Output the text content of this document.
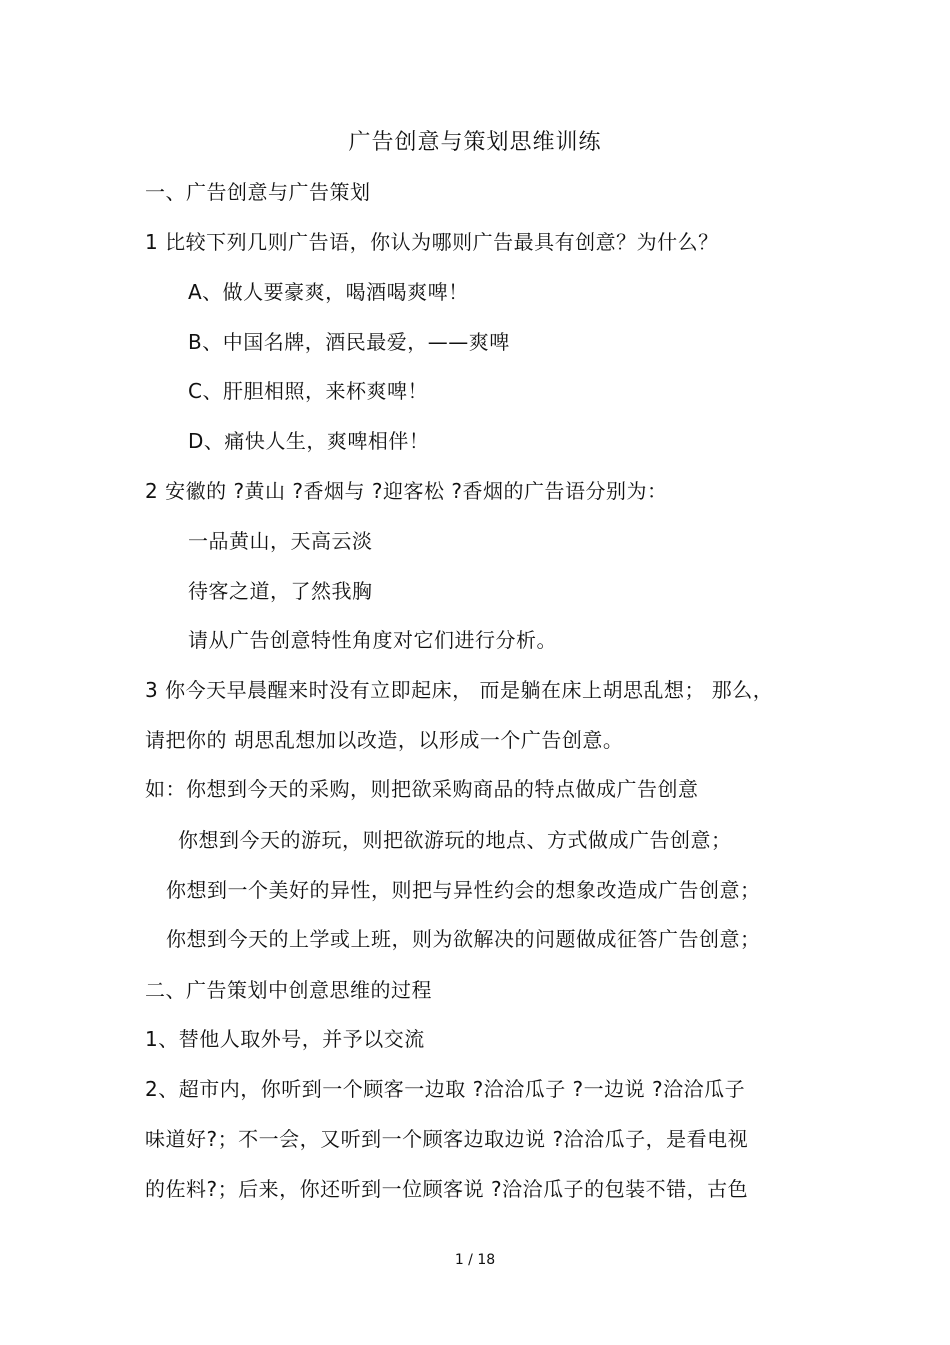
广告创意与策划思维训练
一、广告创意与广告策划
1 比较下列几则广告语，你认为哪则广告最具有创意？为什么？
A、做人要豪爽，喝酒喝爽啤！
B、中国名牌，酒民最爱，——爽啤
C、肝胆相照，来杯爽啤！
D、痛快人生，爽啤相伴！
2 安徽的 ?黄山 ?香烟与 ?迎客松 ?香烟的广告语分别为：
一品黄山，天高云淡
待客之道，了然我胸
请从广告创意特性角度对它们进行分析。
3 你今天早晨醒来时没有立即起床， 而是躺在床上胡思乱想； 那么，
请把你的 胡思乱想加以改造，以形成一个广告创意。
如：你想到今天的采购，则把欲采购商品的特点做成广告创意
你想到今天的游玩，则把欲游玩的地点、方式做成广告创意；
你想到一个美好的异性，则把与异性约会的想象改造成广告创意；
你想到今天的上学或上班，则为欲解决的问题做成征答广告创意；
二、广告策划中创意思维的过程
1、替他人取外号，并予以交流
2、超市内，你听到一个顾客一边取 ?洽洽瓜子 ?一边说 ?洽洽瓜子
味道好?；不一会，又听到一个顾客边取边说 ?洽洽瓜子，是看电视
的佐料?；后来，你还听到一位顾客说 ?洽洽瓜子的包装不错，古色
1 / 18
